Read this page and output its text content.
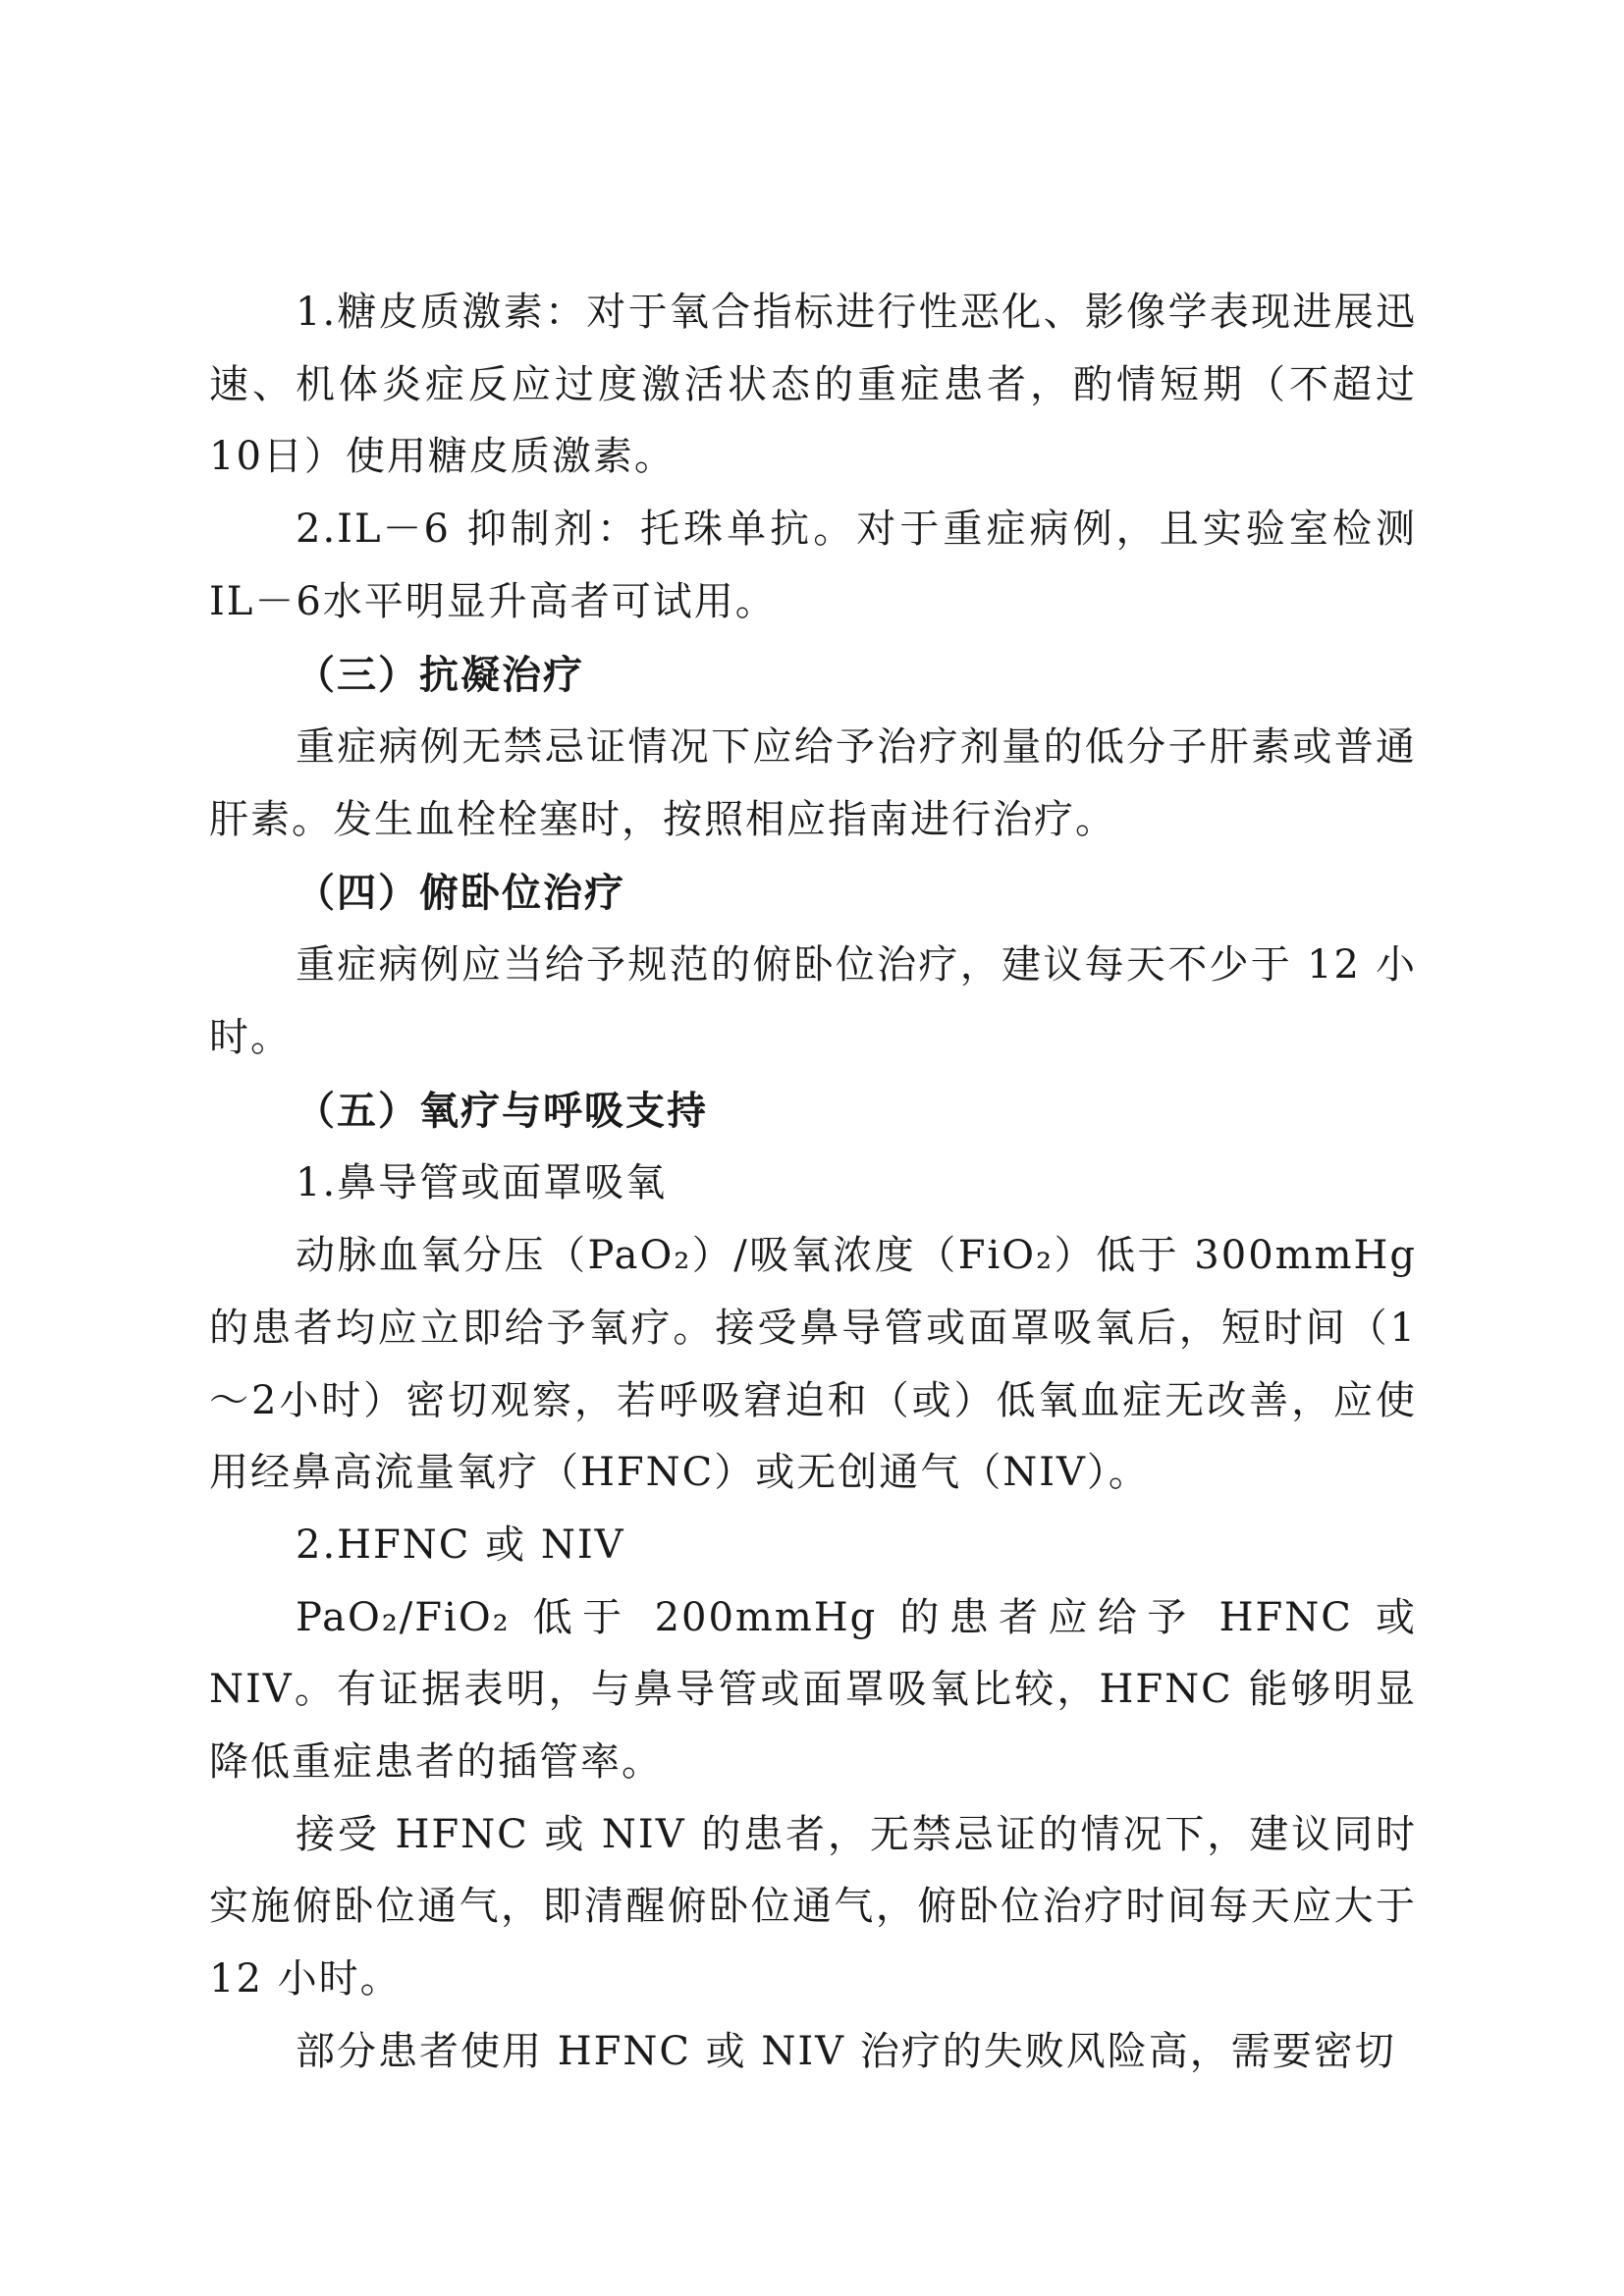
1.糖皮质激素：对于氧合指标进行性恶化、影像学表现进展迅速、机体炎症反应过度激活状态的重症患者，酌情短期（不超过10日）使用糖皮质激素。

2.IL－6 抑制剂：托珠单抗。对于重症病例，且实验室检测IL－6水平明显升高者可试用。

（三）抗凝治疗

重症病例无禁忌证情况下应给予治疗剂量的低分子肝素或普通肝素。发生血栓栓塞时，按照相应指南进行治疗。

（四）俯卧位治疗

重症病例应当给予规范的俯卧位治疗，建议每天不少于 12 小时。

（五）氧疗与呼吸支持

1.鼻导管或面罩吸氧

动脉血氧分压（PaO₂）/吸氧浓度（FiO₂）低于 300mmHg 的患者均应立即给予氧疗。接受鼻导管或面罩吸氧后，短时间（1～2小时）密切观察，若呼吸窘迫和（或）低氧血症无改善，应使用经鼻高流量氧疗（HFNC）或无创通气（NIV）。

2.HFNC 或 NIV

PaO₂/FiO₂ 低于 200mmHg 的患者应给予 HFNC 或 NIV。有证据表明，与鼻导管或面罩吸氧比较，HFNC 能够明显降低重症患者的插管率。

接受 HFNC 或 NIV 的患者，无禁忌证的情况下，建议同时实施俯卧位通气，即清醒俯卧位通气，俯卧位治疗时间每天应大于 12 小时。

部分患者使用 HFNC 或 NIV 治疗的失败风险高，需要密切
